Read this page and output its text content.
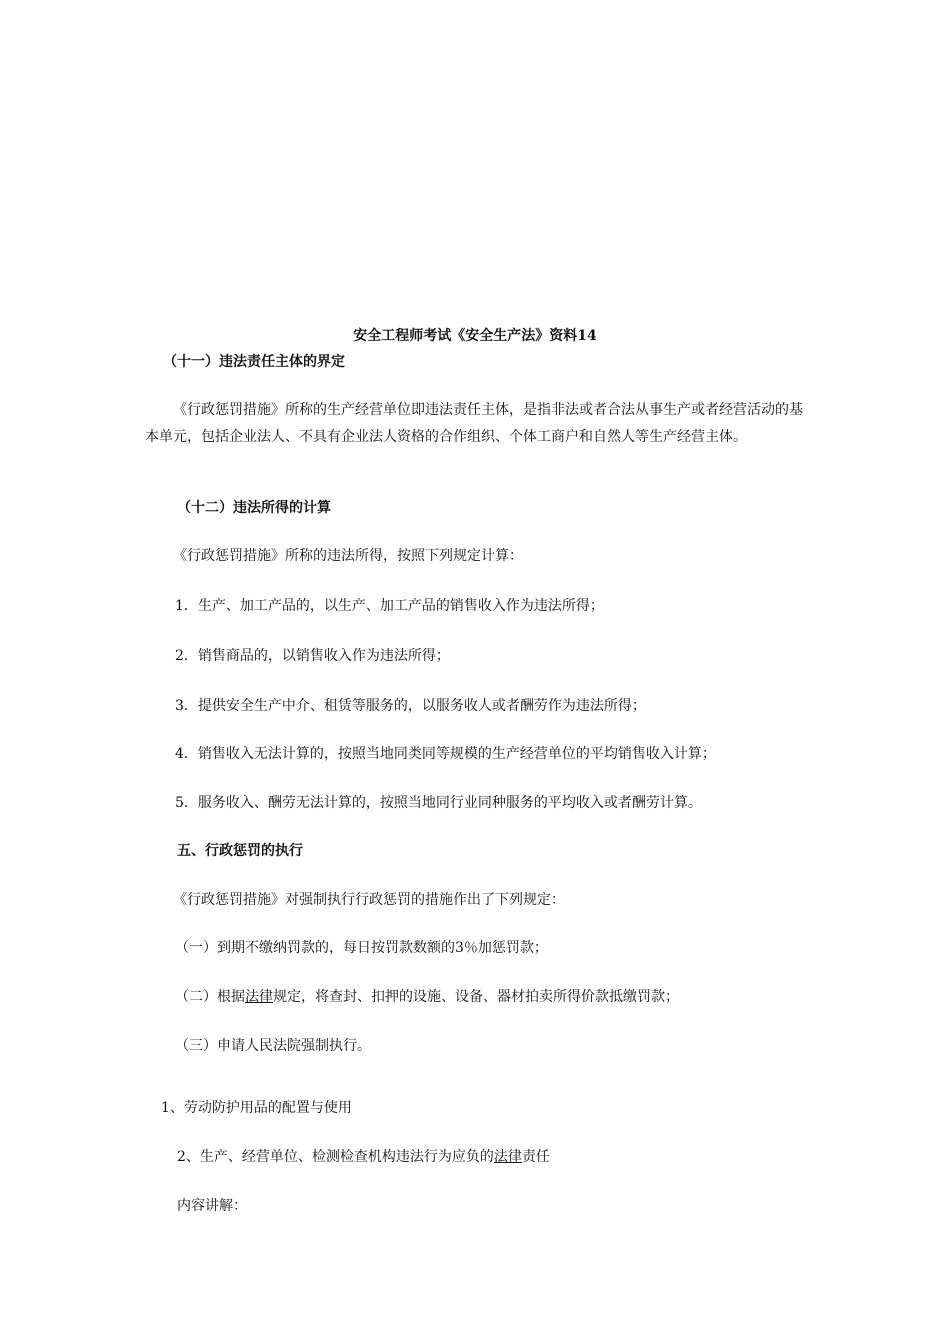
安全工程师考试《安全生产法》资料14
（十一）违法责任主体的界定
《行政惩罚措施》所称的生产经营单位即违法责任主体，是指非法或者合法从事生产或者经营活动的基本单元，包括企业法人、不具有企业法人资格的合作组织、个体工商户和自然人等生产经营主体。
（十二）违法所得的计算
《行政惩罚措施》所称的违法所得，按照下列规定计算：
1．生产、加工产品的，以生产、加工产品的销售收入作为违法所得；
2．销售商品的，以销售收入作为违法所得；
3．提供安全生产中介、租赁等服务的，以服务收人或者酬劳作为违法所得；
4．销售收入无法计算的，按照当地同类同等规模的生产经营单位的平均销售收入计算；
5．服务收入、酬劳无法计算的，按照当地同行业同种服务的平均收入或者酬劳计算。
五、行政惩罚的执行
《行政惩罚措施》对强制执行行政惩罚的措施作出了下列规定：
（一）到期不缴纳罚款的，每日按罚款数额的3％加惩罚款；
（二）根据法律规定，将查封、扣押的设施、设备、器材拍卖所得价款抵缴罚款；
（三）申请人民法院强制执行。
1、劳动防护用品的配置与使用
2、生产、经营单位、检测检查机构违法行为应负的法律责任
内容讲解：
